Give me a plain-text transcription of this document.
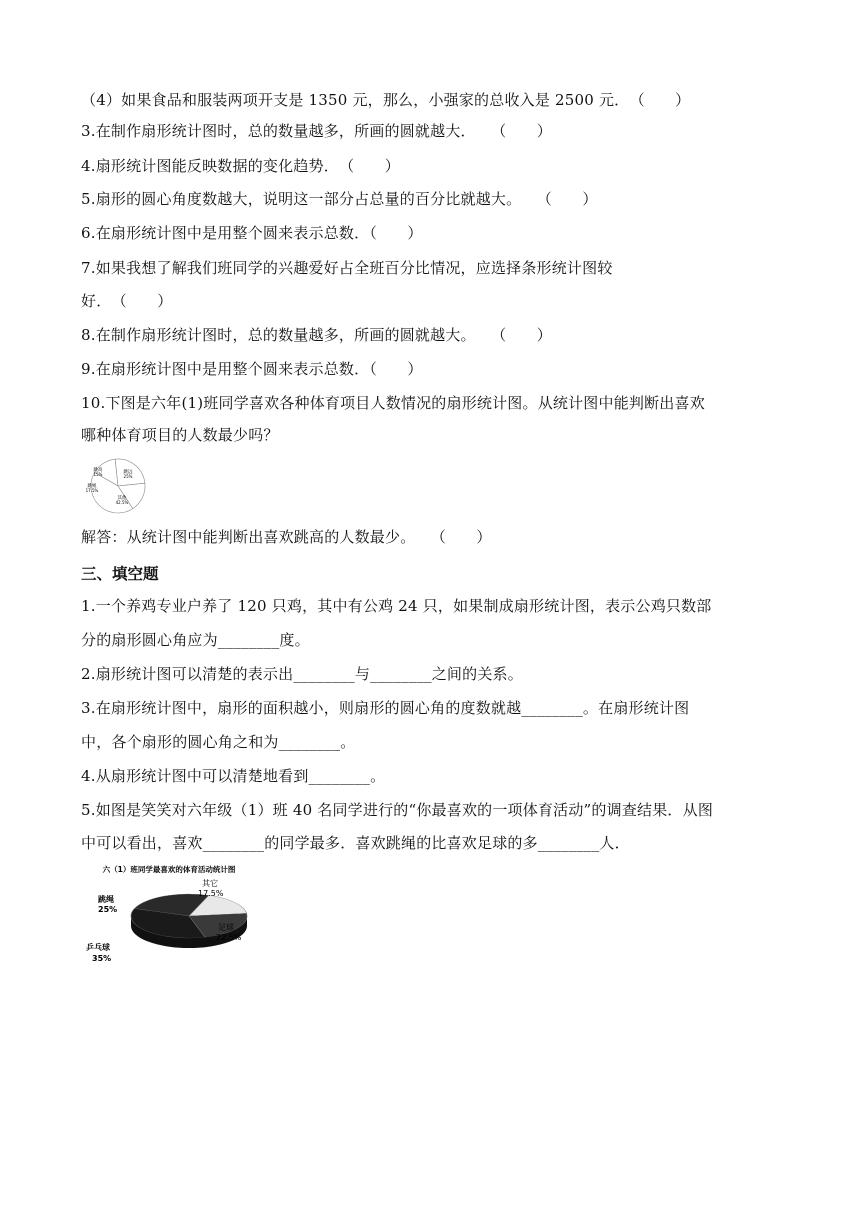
（4）如果食品和服装两项开支是 1350 元，那么，小强家的总收入是 2500 元．　（　　）
3.在制作扇形统计图时，总的数量越多，所画的圆就越大．　　（　　）
4.扇形统计图能反映数据的变化趋势．　（　　）
5.扇形的圆心角度数越大，说明这一部分占总量的百分比就越大。　　（　　）
6.在扇形统计图中是用整个圆来表示总数．（　　）
7.如果我想了解我们班同学的兴趣爱好占全班百分比情况，应选择条形统计图较
好．　（　　）
8.在制作扇形统计图时，总的数量越多，所画的圆就越大。　　（　　）
9.在扇形统计图中是用整个圆来表示总数．（　　）
10.下图是六年(1)班同学喜欢各种体育项目人数情况的扇形统计图。从统计图中能判断出喜欢
哪种体育项目的人数最少吗？
跳高
15%	跳远
25%
跳绳
17.5%
其他
42.5%
解答：从统计图中能判断出喜欢跳高的人数最少。　　（　　）
三、填空题
1.一个养鸡专业户养了 120 只鸡，其中有公鸡 24 只，如果制成扇形统计图，表示公鸡只数部
分的扇形圆心角应为________度。
2.扇形统计图可以清楚的表示出________与________之间的关系。
3.在扇形统计图中，扇形的面积越小，则扇形的圆心角的度数就越________。在扇形统计图
中，各个扇形的圆心角之和为________。
4.从扇形统计图中可以清楚地看到________。
5.如图是笑笑对六年级（1）班 40 名同学进行的“你最喜欢的一项体育活动”的调查结果．从图
中可以看出，喜欢________的同学最多．喜欢跳绳的比喜欢足球的多________人．
六（1）班同学最喜欢的体育活动统计图
跳绳
25%
其它
17.5%
足球
22.5%
乒乓球
35%
